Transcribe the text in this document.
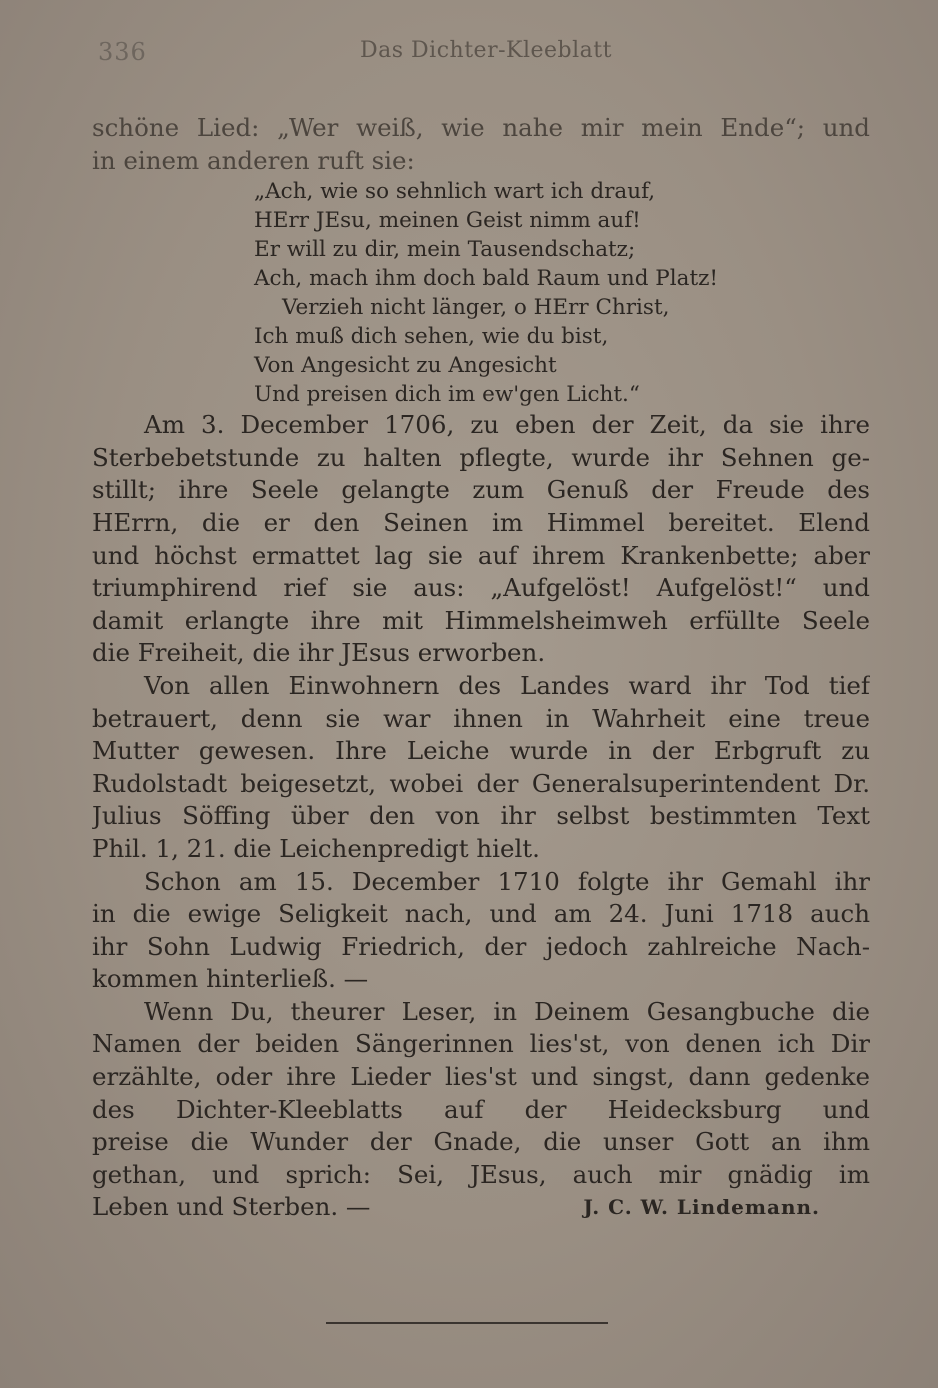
336	Das Dichter-Kleeblatt
schöne Lied: „Wer weiß, wie nahe mir mein Ende“; und
in einem anderen ruft sie:
„Ach, wie so sehnlich wart ich drauf,
HErr JEsu, meinen Geist nimm auf!
Er will zu dir, mein Tausendschatz;
Ach, mach ihm doch bald Raum und Platz!
Verzieh nicht länger, o HErr Christ,
Ich muß dich sehen, wie du bist,
Von Angesicht zu Angesicht
Und preisen dich im ew'gen Licht.“
Am 3. December 1706, zu eben der Zeit, da sie ihre
Sterbebetstunde zu halten pflegte, wurde ihr Sehnen ge-
stillt; ihre Seele gelangte zum Genuß der Freude des
HErrn, die er den Seinen im Himmel bereitet. Elend
und höchst ermattet lag sie auf ihrem Krankenbette; aber
triumphirend rief sie aus: „Aufgelöst! Aufgelöst!“ und
damit erlangte ihre mit Himmelsheimweh erfüllte Seele
die Freiheit, die ihr JEsus erworben.
Von allen Einwohnern des Landes ward ihr Tod tief
betrauert, denn sie war ihnen in Wahrheit eine treue
Mutter gewesen. Ihre Leiche wurde in der Erbgruft zu
Rudolstadt beigesetzt, wobei der Generalsuperintendent Dr.
Julius Söffing über den von ihr selbst bestimmten Text
Phil. 1, 21. die Leichenpredigt hielt.
Schon am 15. December 1710 folgte ihr Gemahl ihr
in die ewige Seligkeit nach, und am 24. Juni 1718 auch
ihr Sohn Ludwig Friedrich, der jedoch zahlreiche Nach-
kommen hinterließ. —
Wenn Du, theurer Leser, in Deinem Gesangbuche die
Namen der beiden Sängerinnen lies'st, von denen ich Dir
erzählte, oder ihre Lieder lies'st und singst, dann gedenke
des Dichter-Kleeblatts auf der Heidecksburg und
preise die Wunder der Gnade, die unser Gott an ihm
gethan, und sprich: Sei, JEsus, auch mir gnädig im
Leben und Sterben. —	J. C. W. Lindemann.
